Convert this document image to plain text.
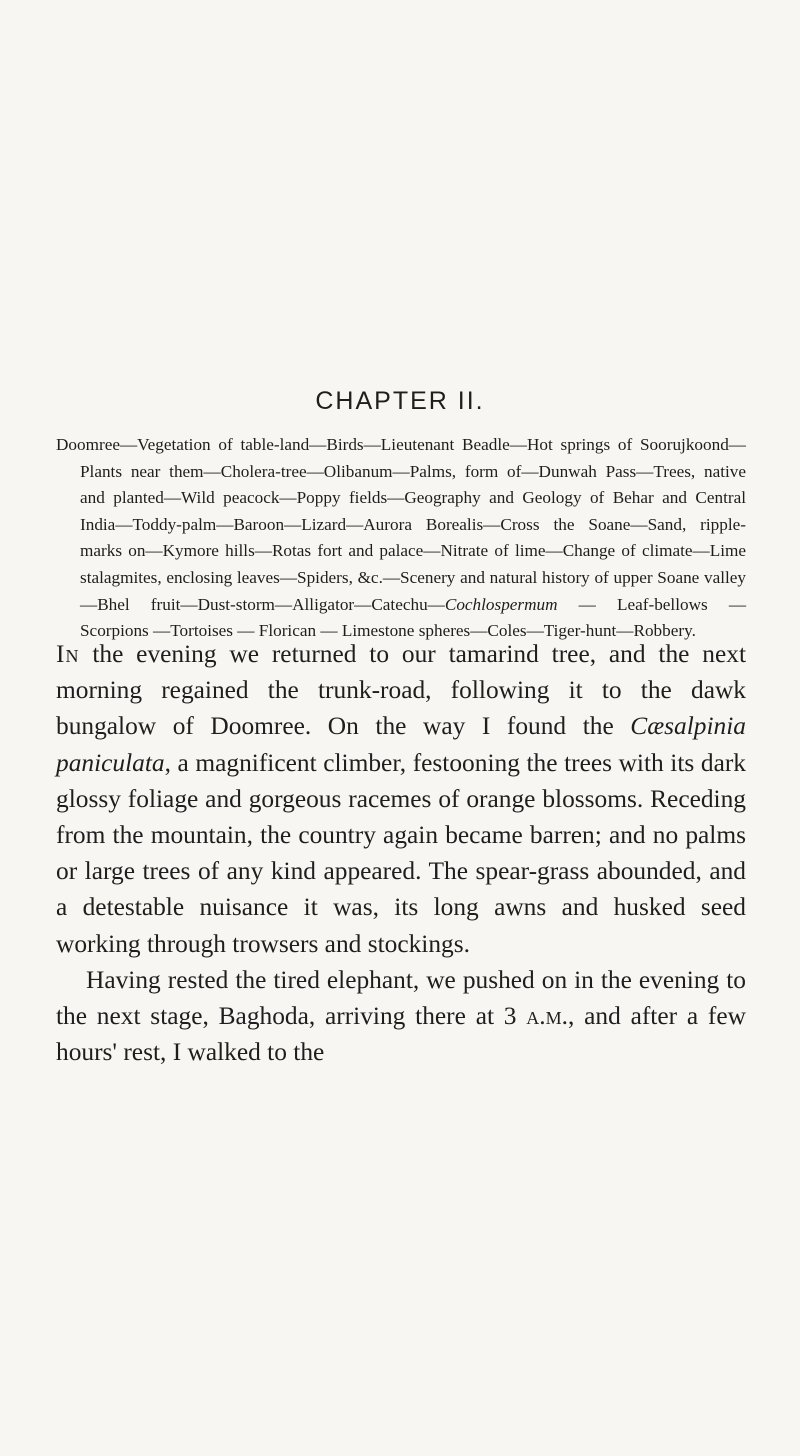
CHAPTER II.

Doomree—Vegetation of table-land—Birds—Lieutenant Beadle—Hot springs of Soorujkoond—Plants near them—Cholera-tree—Olibanum—Palms, form of—Dunwah Pass—Trees, native and planted—Wild peacock—Poppy fields—Geography and Geology of Behar and Central India—Toddy-palm—Baroon—Lizard—Aurora Borealis—Cross the Soane—Sand, ripple-marks on—Kymore hills—Rotas fort and palace—Nitrate of lime—Change of climate—Lime stalagmites, enclosing leaves—Spiders, &c.—Scenery and natural history of upper Soane valley—Bhel fruit—Dust-storm—Alligator—Catechu—Cochlospermum — Leaf-bellows — Scorpions —Tortoises — Florican — Limestone spheres—Coles—Tiger-hunt—Robbery.

In the evening we returned to our tamarind tree, and the next morning regained the trunk-road, following it to the dawk bungalow of Doomree. On the way I found the Cæsalpinia paniculata, a magnificent climber, festooning the trees with its dark glossy foliage and gorgeous racemes of orange blossoms. Receding from the mountain, the country again became barren; and no palms or large trees of any kind appeared. The spear-grass abounded, and a detestable nuisance it was, its long awns and husked seed working through trowsers and stockings.

Having rested the tired elephant, we pushed on in the evening to the next stage, Baghoda, arriving there at 3 a.m., and after a few hours' rest, I walked to the
